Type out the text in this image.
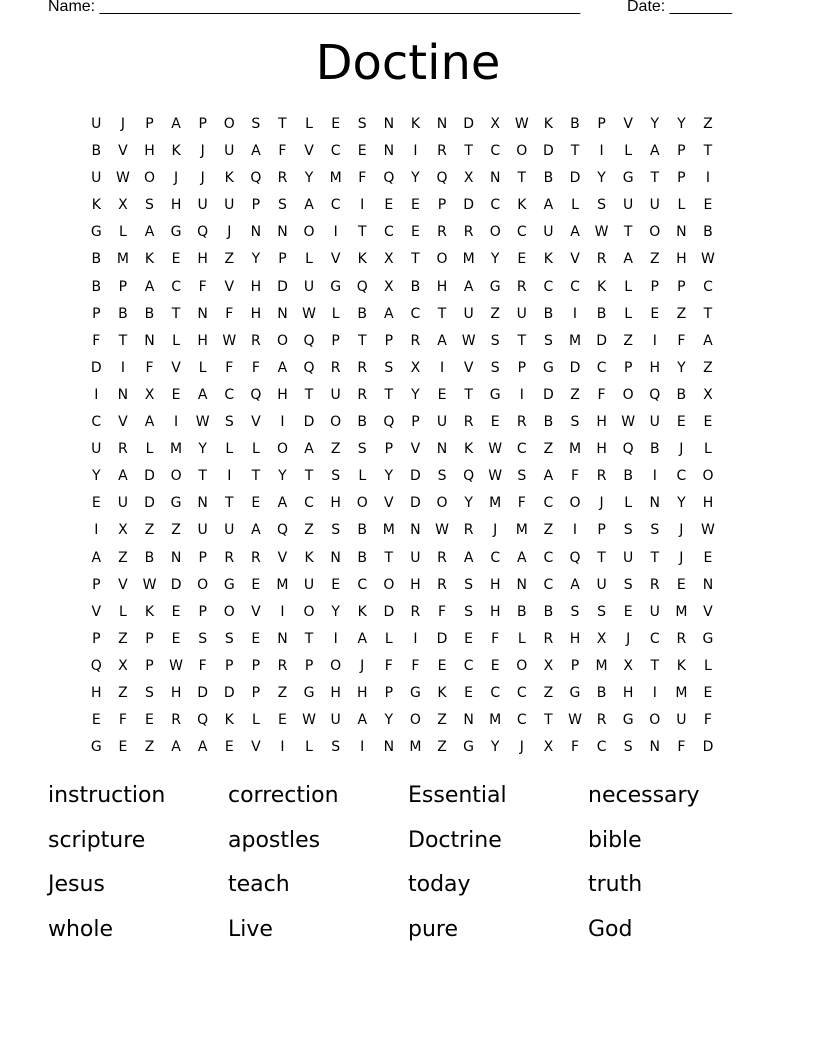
Name: ______________________________________________________	Date: _______
Doctine
U	J	P	A	P	O	S	T	L	E	S	N	K	N	D	X	W	K	B	P	V	Y	Y	Z
B	V	H	K	J	U	A	F	V	C	E	N	I	R	T	C	O	D	T	I	L	A	P	T
U	W	O	J	J	K	Q	R	Y	M	F	Q	Y	Q	X	N	T	B	D	Y	G	T	P	I
K	X	S	H	U	U	P	S	A	C	I	E	E	P	D	C	K	A	L	S	U	U	L	E
G	L	A	G	Q	J	N	N	O	I	T	C	E	R	R	O	C	U	A	W	T	O	N	B
B	M	K	E	H	Z	Y	P	L	V	K	X	T	O	M	Y	E	K	V	R	A	Z	H	W
B	P	A	C	F	V	H	D	U	G	Q	X	B	H	A	G	R	C	C	K	L	P	P	C
P	B	B	T	N	F	H	N	W	L	B	A	C	T	U	Z	U	B	I	B	L	E	Z	T
F	T	N	L	H	W	R	O	Q	P	T	P	R	A	W	S	T	S	M	D	Z	I	F	A
D	I	F	V	L	F	F	A	Q	R	R	S	X	I	V	S	P	G	D	C	P	H	Y	Z
I	N	X	E	A	C	Q	H	T	U	R	T	Y	E	T	G	I	D	Z	F	O	Q	B	X
C	V	A	I	W	S	V	I	D	O	B	Q	P	U	R	E	R	B	S	H	W	U	E	E
U	R	L	M	Y	L	L	O	A	Z	S	P	V	N	K	W	C	Z	M	H	Q	B	J	L
Y	A	D	O	T	I	T	Y	T	S	L	Y	D	S	Q	W	S	A	F	R	B	I	C	O
E	U	D	G	N	T	E	A	C	H	O	V	D	O	Y	M	F	C	O	J	L	N	Y	H
I	X	Z	Z	U	U	A	Q	Z	S	B	M	N	W	R	J	M	Z	I	P	S	S	J	W
A	Z	B	N	P	R	R	V	K	N	B	T	U	R	A	C	A	C	Q	T	U	T	J	E
P	V	W	D	O	G	E	M	U	E	C	O	H	R	S	H	N	C	A	U	S	R	E	N
V	L	K	E	P	O	V	I	O	Y	K	D	R	F	S	H	B	B	S	S	E	U	M	V
P	Z	P	E	S	S	E	N	T	I	A	L	I	D	E	F	L	R	H	X	J	C	R	G
Q	X	P	W	F	P	P	R	P	O	J	F	F	E	C	E	O	X	P	M	X	T	K	L
H	Z	S	H	D	D	P	Z	G	H	H	P	G	K	E	C	C	Z	G	B	H	I	M	E
E	F	E	R	Q	K	L	E	W	U	A	Y	O	Z	N	M	C	T	W	R	G	O	U	F
G	E	Z	A	A	E	V	I	L	S	I	N	M	Z	G	Y	J	X	F	C	S	N	F	D
instruction	correction	Essential	necessary
scripture	apostles	Doctrine	bible
Jesus	teach	today	truth
whole	Live	pure	God
